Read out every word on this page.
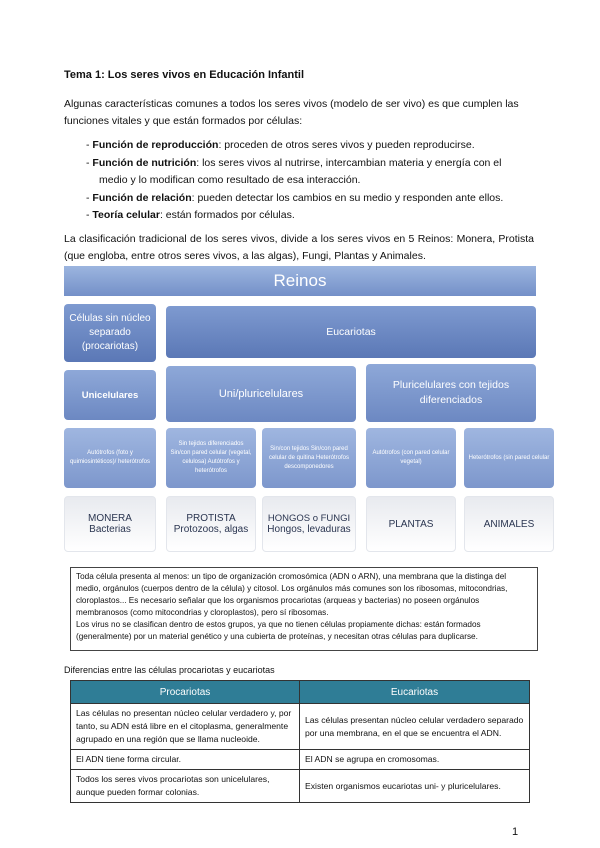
Tema 1: Los seres vivos en Educación Infantil
Algunas características comunes a todos los seres vivos (modelo de ser vivo) es que cumplen las funciones vitales y que están formados por células:
- Función de reproducción: proceden de otros seres vivos y pueden reproducirse.
- Función de nutrición: los seres vivos al nutrirse, intercambian materia y energía con el
medio y lo modifican como resultado de esa interacción.
- Función de relación: pueden detectar los cambios en su medio y responden ante ellos.
- Teoría celular: están formados por células.
La clasificación tradicional de los seres vivos, divide a los seres vivos en 5 Reinos: Monera, Protista (que engloba, entre otros seres vivos, a las algas), Fungi, Plantas y Animales.
Reinos
Células sin núcleo separado (procariotas)
Eucariotas
Unicelulares	Uni/pluricelulares
Pluricelulares con tejidos diferenciados
Autótrofos (foto y quimiosintéticos)/ heterótrofos
Sin tejidos diferenciados Sin/con pared celular (vegetal, celulosa) Autótrofos y heterótrofos
Sin/con tejidos Sin/con pared celular de quitina Heterótrofos descomponedores
Autótrofos (con pared celular vegetal)
Heterótrofos (sin pared celular
MONERA
Bacterias
PROTISTA
Protozoos, algas
HONGOS o FUNGI
Hongos, levaduras	PLANTAS	ANIMALES
Toda célula presenta al menos: un tipo de organización cromosómica (ADN o ARN), una membrana que la distinga del medio, orgánulos (cuerpos dentro de la célula) y citosol. Los orgánulos más comunes son los ribosomas, mitocondrias, cloroplastos... Es necesario señalar que los organismos procariotas (arqueas y bacterias) no poseen orgánulos membranosos (como mitocondrias y cloroplastos), pero sí ribosomas.
Los virus no se clasifican dentro de estos grupos, ya que no tienen células propiamente dichas: están formados (generalmente) por un material genético y una cubierta de proteínas, y necesitan otras células para duplicarse.
Diferencias entre las células procariotas y eucariotas
Procariotas	Eucariotas
Las células no presentan núcleo celular verdadero y, por tanto, su ADN está libre en el citoplasma, generalmente agrupado en una región que se llama nucleoide.	Las células presentan núcleo celular verdadero separado por una membrana, en el que se encuentra el ADN.
El ADN tiene forma circular.	El ADN se agrupa en cromosomas.
Todos los seres vivos procariotas son unicelulares, aunque pueden formar colonias.	Existen organismos eucariotas uni- y pluricelulares.
1
